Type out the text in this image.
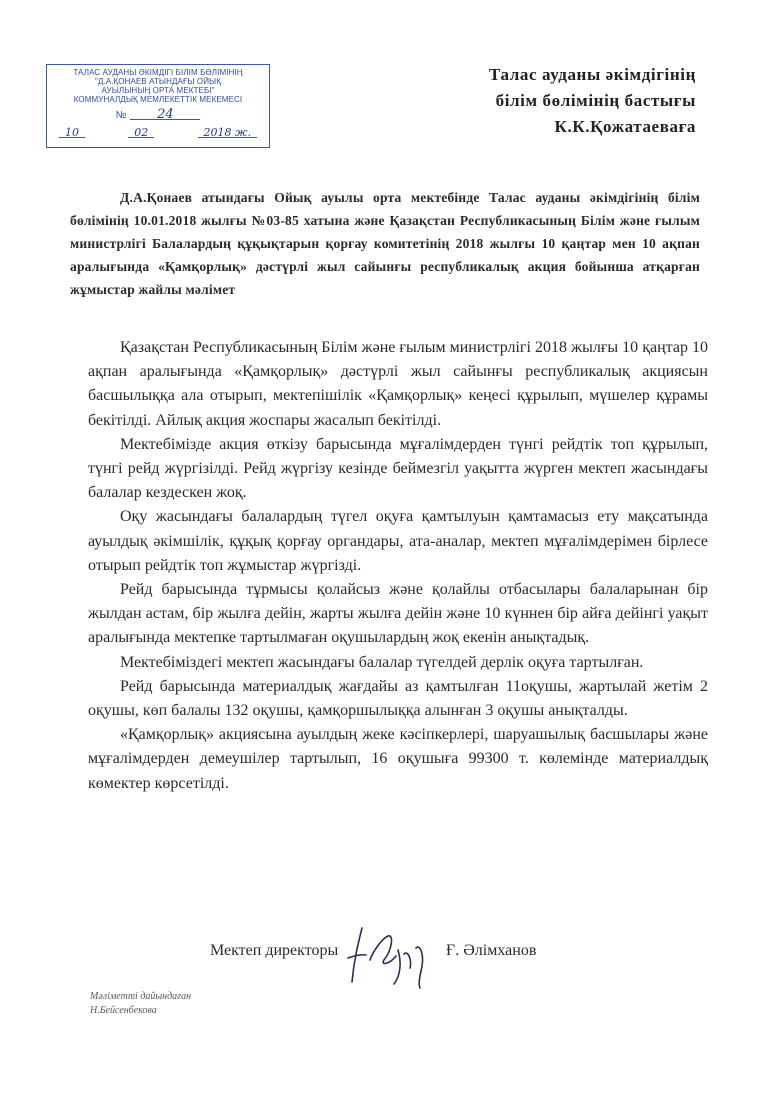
ТАЛАС АУДАНЫ ӘКІМДІГІ БІЛІМ БӨЛІМІНІҢ
"Д.А.ҚОНАЕВ АТЫНДАҒЫ ОЙЫҚ
АУЫЛЫНЫҢ ОРТА МЕКТЕБІ"
КОММУНАЛДЫҚ МЕМЛЕКЕТТІК МЕКЕМЕСІ
№	24
10	02	2018 ж.
Талас ауданы әкімдігінің
білім бөлімінің бастығы
К.К.Қожатаеваға
Д.А.Қонаев атындағы Ойық ауылы орта мектебінде Талас ауданы әкімдігінің білім бөлімінің 10.01.2018 жылғы №03-85 хатына және Қазақстан Республикасының Білім және ғылым министрлігі Балалардың құқықтарын қорғау комитетінің 2018 жылғы 10 қаңтар мен 10 ақпан аралығында «Қамқорлық» дәстүрлі жыл сайынғы республикалық акция бойынша атқарған жұмыстар жайлы мәлімет

Қазақстан Республикасының Білім және ғылым министрлігі 2018 жылғы 10 қаңтар 10 ақпан аралығында «Қамқорлық» дәстүрлі жыл сайынғы республикалық акциясын басшылыққа ала отырып, мектепішілік «Қамқорлық» кеңесі құрылып, мүшелер құрамы бекітілді. Айлық акция жоспары жасалып бекітілді.

Мектебімізде акция өткізу барысында мұғалімдерден түнгі рейдтік топ құрылып, түнгі рейд жүргізілді. Рейд жүргізу кезінде беймезгіл уақытта жүрген мектеп жасындағы балалар кездескен жоқ.

Оқу жасындағы балалардың түгел оқуға қамтылуын қамтамасыз ету мақсатында ауылдық әкімшілік, құқық қорғау органдары, ата-аналар, мектеп мұғалімдерімен бірлесе отырып рейдтік топ жұмыстар жүргізді.

Рейд барысында тұрмысы қолайсыз және қолайлы отбасылары балаларынан бір жылдан астам, бір жылға дейін, жарты жылға дейін және 10 күннен бір айға дейінгі уақыт аралығында мектепке тартылмаған оқушылардың жоқ екенін анықтадық.

Мектебіміздегі мектеп жасындағы балалар түгелдей дерлік оқуға тартылған.

Рейд барысында материалдық жағдайы аз қамтылған 11оқушы, жартылай жетім 2 оқушы, көп балалы 132 оқушы, қамқоршылыққа алынған 3 оқушы анықталды.

«Қамқорлық» акциясына ауылдың жеке кәсіпкерлері, шаруашылық басшылары және мұғалімдерден демеушілер тартылып, 16 оқушыға 99300 т. көлемінде материалдық көмектер көрсетілді.

Мектеп директоры	Ғ. Әлімханов
Мәліметті дайындаған
Н.Бейсенбекова
